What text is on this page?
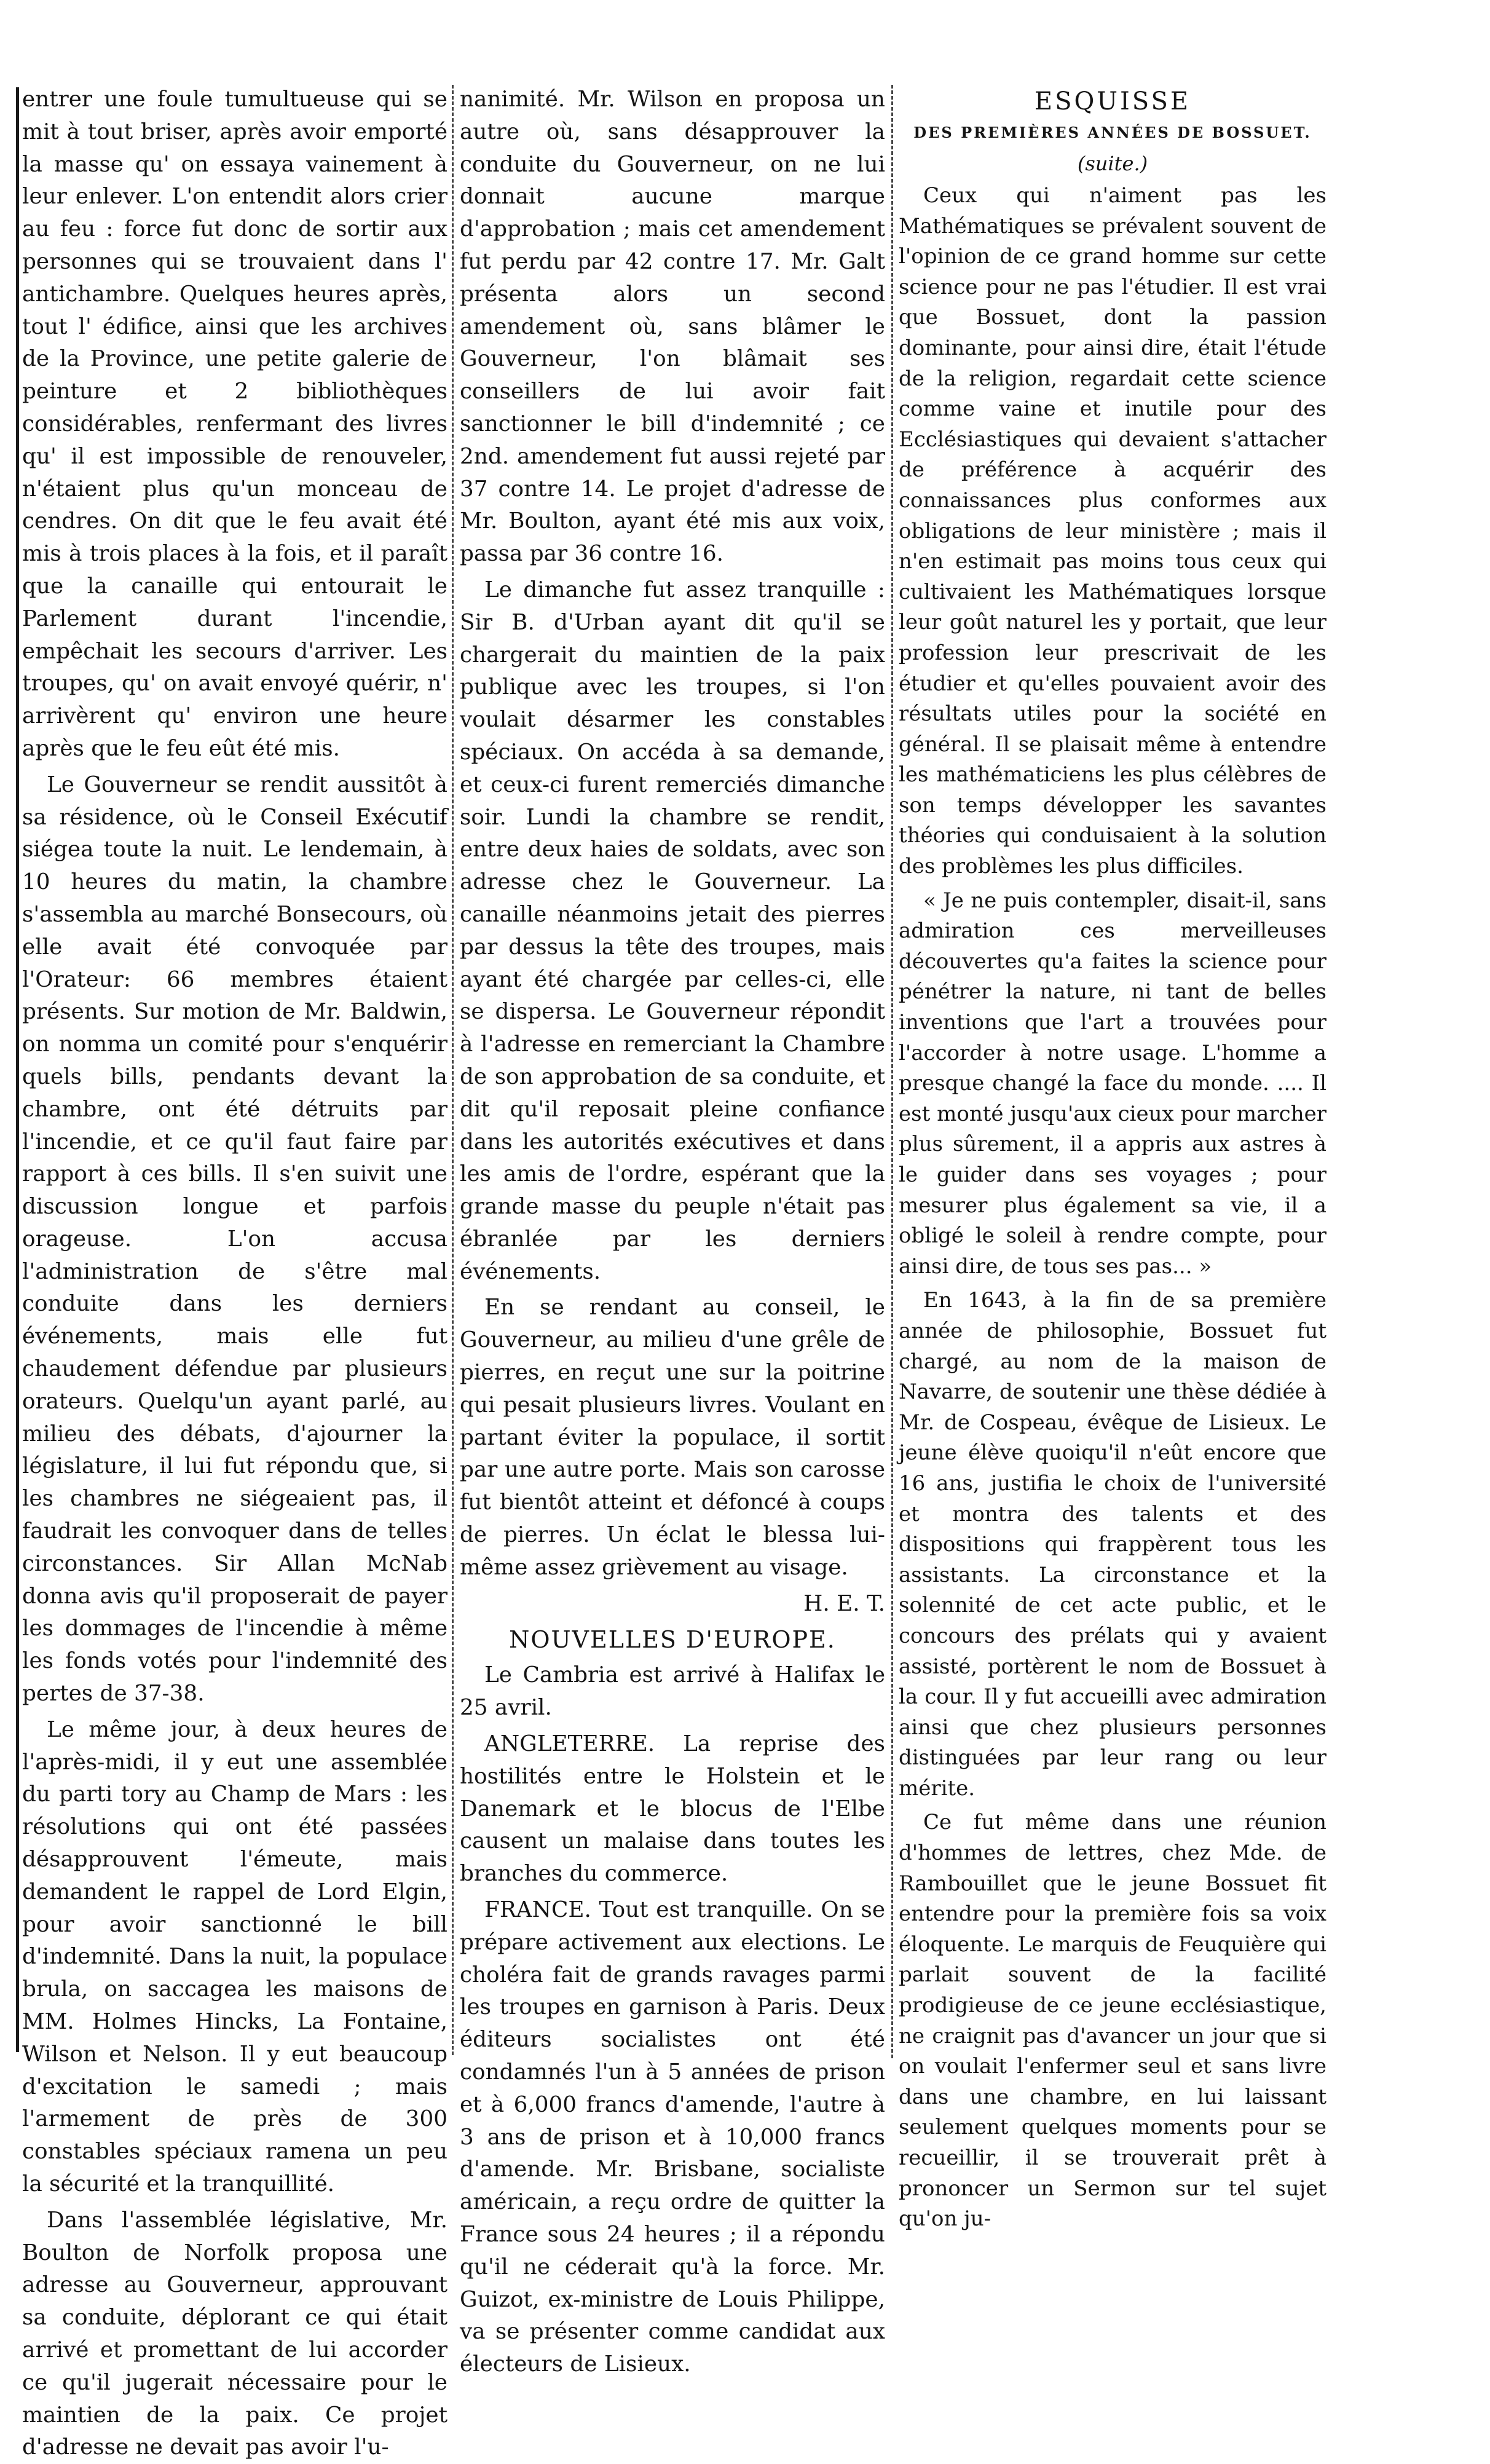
entrer une foule tumultueuse qui se mit à tout briser, après avoir emporté la masse qu' on essaya vainement à leur enlever. L'on entendit alors crier au feu : force fut donc de sortir aux personnes qui se trouvaient dans l' antichambre. Quelques heures après, tout l' édifice, ainsi que les archives de la Province, une petite galerie de peinture et 2 bibliothèques considérables, renfermant des livres qu' il est impossible de renouveler, n'étaient plus qu'un monceau de cendres. On dit que le feu avait été mis à trois places à la fois, et il paraît que la canaille qui entourait le Parlement durant l'incendie, empêchait les secours d'arriver. Les troupes, qu' on avait envoyé quérir, n' arrivèrent qu' environ une heure après que le feu eût été mis.

Le Gouverneur se rendit aussitôt à sa résidence, où le Conseil Exécutif siégea toute la nuit. Le lendemain, à 10 heures du matin, la chambre s'assembla au marché Bonsecours, où elle avait été convoquée par l'Orateur: 66 membres étaient présents. Sur motion de Mr. Baldwin, on nomma un comité pour s'enquérir quels bills, pendants devant la chambre, ont été détruits par l'incendie, et ce qu'il faut faire par rapport à ces bills. Il s'en suivit une discussion longue et parfois orageuse. L'on accusa l'administration de s'être mal conduite dans les derniers événements, mais elle fut chaudement défendue par plusieurs orateurs. Quelqu'un ayant parlé, au milieu des débats, d'ajourner la législature, il lui fut répondu que, si les chambres ne siégeaient pas, il faudrait les convoquer dans de telles circonstances. Sir Allan McNab donna avis qu'il proposerait de payer les dommages de l'incendie à même les fonds votés pour l'indemnité des pertes de 37-38.

Le même jour, à deux heures de l'après-midi, il y eut une assemblée du parti tory au Champ de Mars : les résolutions qui ont été passées désapprouvent l'émeute, mais demandent le rappel de Lord Elgin, pour avoir sanctionné le bill d'indemnité. Dans la nuit, la populace brula, on saccagea les maisons de MM. Holmes Hincks, La Fontaine, Wilson et Nelson. Il y eut beaucoup d'excitation le samedi ; mais l'armement de près de 300 constables spéciaux ramena un peu la sécurité et la tranquillité.

Dans l'assemblée législative, Mr. Boulton de Norfolk proposa une adresse au Gouverneur, approuvant sa conduite, déplorant ce qui était arrivé et promettant de lui accorder ce qu'il jugerait nécessaire pour le maintien de la paix. Ce projet d'adresse ne devait pas avoir l'u-

nanimité. Mr. Wilson en proposa un autre où, sans désapprouver la conduite du Gouverneur, on ne lui donnait aucune marque d'approbation ; mais cet amendement fut perdu par 42 contre 17. Mr. Galt présenta alors un second amendement où, sans blâmer le Gouverneur, l'on blâmait ses conseillers de lui avoir fait sanctionner le bill d'indemnité ; ce 2nd. amendement fut aussi rejeté par 37 contre 14. Le projet d'adresse de Mr. Boulton, ayant été mis aux voix, passa par 36 contre 16.

Le dimanche fut assez tranquille : Sir B. d'Urban ayant dit qu'il se chargerait du maintien de la paix publique avec les troupes, si l'on voulait désarmer les constables spéciaux. On accéda à sa demande, et ceux-ci furent remerciés dimanche soir. Lundi la chambre se rendit, entre deux haies de soldats, avec son adresse chez le Gouverneur. La canaille néanmoins jetait des pierres par dessus la tête des troupes, mais ayant été chargée par celles-ci, elle se dispersa. Le Gouverneur répondit à l'adresse en remerciant la Chambre de son approbation de sa conduite, et dit qu'il reposait pleine confiance dans les autorités exécutives et dans les amis de l'ordre, espérant que la grande masse du peuple n'était pas ébranlée par les derniers événements.

En se rendant au conseil, le Gouverneur, au milieu d'une grêle de pierres, en reçut une sur la poitrine qui pesait plusieurs livres. Voulant en partant éviter la populace, il sortit par une autre porte. Mais son carosse fut bientôt atteint et défoncé à coups de pierres. Un éclat le blessa lui-même assez grièvement au visage.

H. E. T.

NOUVELLES D'EUROPE.

Le Cambria est arrivé à Halifax le 25 avril.

ANGLETERRE. La reprise des hostilités entre le Holstein et le Danemark et le blocus de l'Elbe causent un malaise dans toutes les branches du commerce.

FRANCE. Tout est tranquille. On se prépare activement aux elections. Le choléra fait de grands ravages parmi les troupes en garnison à Paris. Deux éditeurs socialistes ont été condamnés l'un à 5 années de prison et à 6,000 francs d'amende, l'autre à 3 ans de prison et à 10,000 francs d'amende. Mr. Brisbane, socialiste américain, a reçu ordre de quitter la France sous 24 heures ; il a répondu qu'il ne céderait qu'à la force. Mr. Guizot, ex-ministre de Louis Philippe, va se présenter comme candidat aux électeurs de Lisieux.

ESQUISSE
DES PREMIÈRES ANNÉES DE BOSSUET.
(suite.)

Ceux qui n'aiment pas les Mathématiques se prévalent souvent de l'opinion de ce grand homme sur cette science pour ne pas l'étudier. Il est vrai que Bossuet, dont la passion dominante, pour ainsi dire, était l'étude de la religion, regardait cette science comme vaine et inutile pour des Ecclésiastiques qui devaient s'attacher de préférence à acquérir des connaissances plus conformes aux obligations de leur ministère ; mais il n'en estimait pas moins tous ceux qui cultivaient les Mathématiques lorsque leur goût naturel les y portait, que leur profession leur prescrivait de les étudier et qu'elles pouvaient avoir des résultats utiles pour la société en général. Il se plaisait même à entendre les mathématiciens les plus célèbres de son temps développer les savantes théories qui conduisaient à la solution des problèmes les plus difficiles.

« Je ne puis contempler, disait-il, sans admiration ces merveilleuses découvertes qu'a faites la science pour pénétrer la nature, ni tant de belles inventions que l'art a trouvées pour l'accorder à notre usage. L'homme a presque changé la face du monde. .... Il est monté jusqu'aux cieux pour marcher plus sûrement, il a appris aux astres à le guider dans ses voyages ; pour mesurer plus également sa vie, il a obligé le soleil à rendre compte, pour ainsi dire, de tous ses pas... »

En 1643, à la fin de sa première année de philosophie, Bossuet fut chargé, au nom de la maison de Navarre, de soutenir une thèse dédiée à Mr. de Cospeau, évêque de Lisieux. Le jeune élève quoiqu'il n'eût encore que 16 ans, justifia le choix de l'université et montra des talents et des dispositions qui frappèrent tous les assistants. La circonstance et la solennité de cet acte public, et le concours des prélats qui y avaient assisté, portèrent le nom de Bossuet à la cour. Il y fut accueilli avec admiration ainsi que chez plusieurs personnes distinguées par leur rang ou leur mérite.

Ce fut même dans une réunion d'hommes de lettres, chez Mde. de Rambouillet que le jeune Bossuet fit entendre pour la première fois sa voix éloquente. Le marquis de Feuquière qui parlait souvent de la facilité prodigieuse de ce jeune ecclésiastique, ne craignit pas d'avancer un jour que si on voulait l'enfermer seul et sans livre dans une chambre, en lui laissant seulement quelques moments pour se recueillir, il se trouverait prêt à prononcer un Sermon sur tel sujet qu'on ju-
